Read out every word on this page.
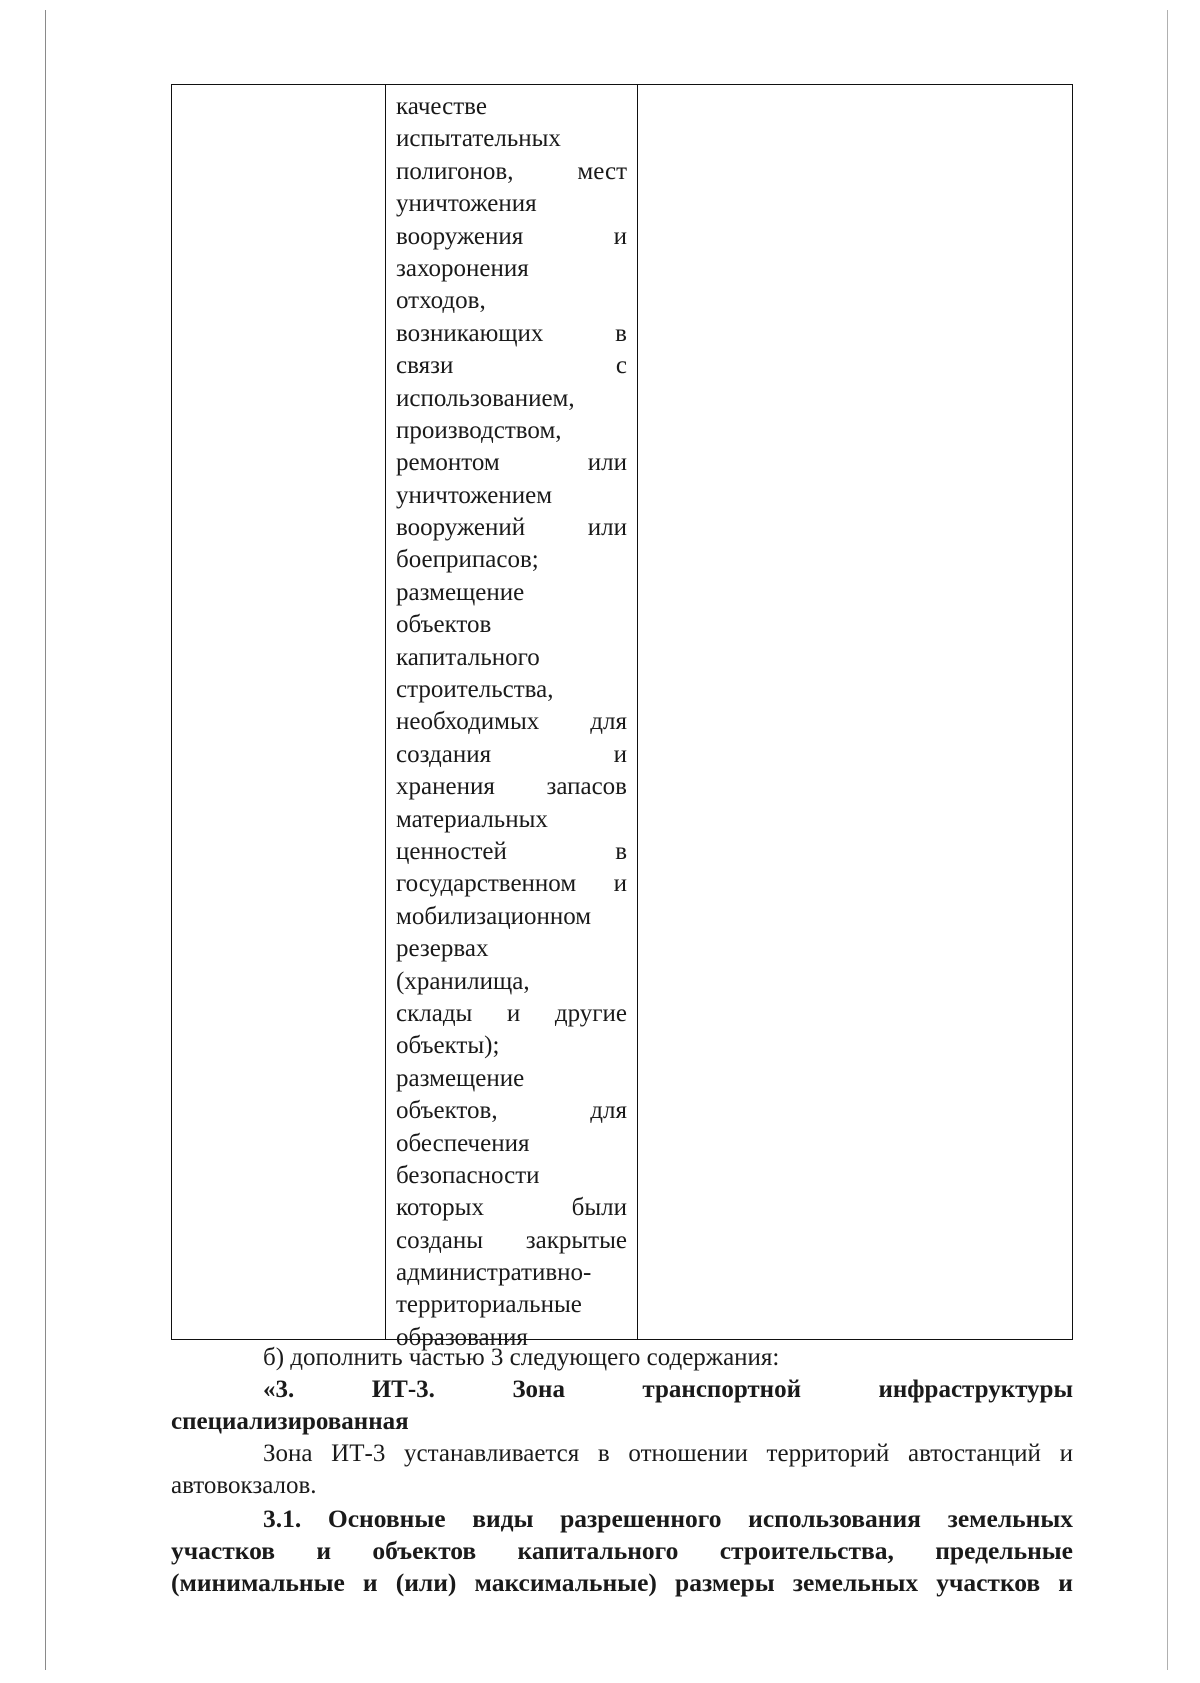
качестве
испытательных
полигонов, мест
уничтожения
вооружения и
захоронения
отходов,
возникающих в
связи с
использованием,
производством,
ремонтом или
уничтожением
вооружений или
боеприпасов;
размещение
объектов
капитального
строительства,
необходимых для
создания и
хранения запасов
материальных
ценностей в
государственном и
мобилизационном
резервах
(хранилища,
склады и другие
объекты);
размещение
объектов, для
обеспечения
безопасности
которых были
созданы закрытые
административно-
территориальные
образования
б) дополнить частью 3 следующего содержания:
«3.	ИТ-3.	Зона	транспортной	инфраструктуры
специализированная
Зона ИТ-3 устанавливается в отношении территорий автостанций и автовокзалов.
3.1. Основные виды разрешенного использования земельных участков и объектов капитального строительства, предельные (минимальные и (или) максимальные) размеры земельных участков и
